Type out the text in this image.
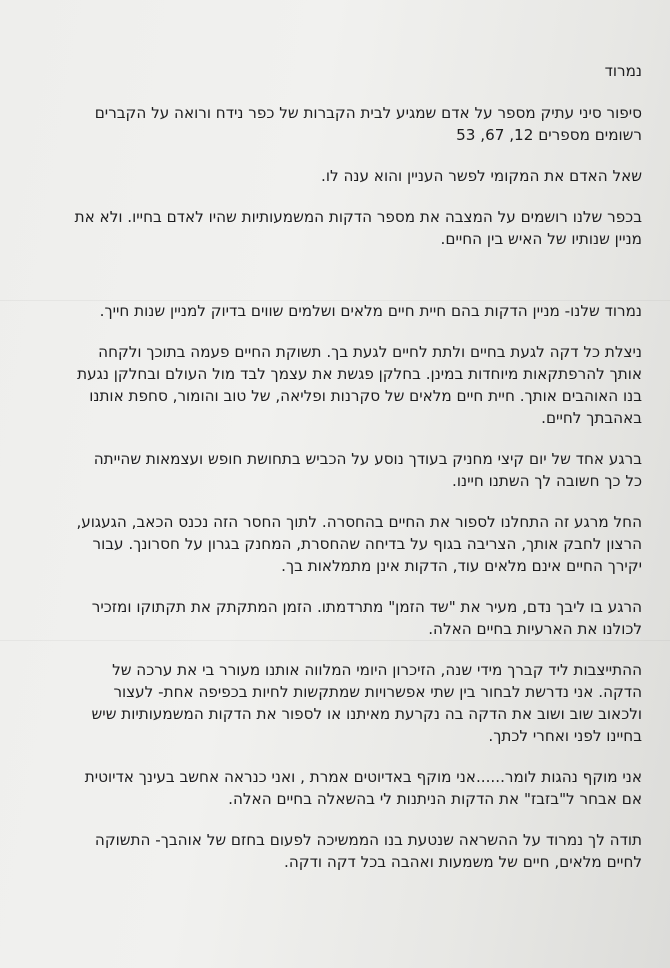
נמרוד
סיפור סיני עתיק מספר על אדם שמגיע לבית הקברות של כפר נידח ורואה על הקברים
רשומים מספרים 12, 67, 53
שאל האדם את המקומי לפשר העניין והוא ענה לו.
בכפר שלנו רושמים על המצבה את מספר הדקות המשמעותיות שהיו לאדם בחייו. ולא את
מניין שנותיו של האיש בין החיים.
נמרוד שלנו- מניין הדקות בהם חיית חיים מלאים ושלמים שווים בדיוק למניין שנות חייך.
ניצלת כל דקה לגעת בחיים ולתת לחיים לגעת בך. תשוקת החיים פעמה בתוכך ולקחה
אותך להרפתקאות מיוחדות במינן. בחלקן פגשת את עצמך לבד מול העולם ובחלקן נגעת
בנו האוהבים אותך. חיית חיים מלאים של סקרנות ופליאה, של טוב והומור, סחפת אותנו
באהבתך לחיים.
ברגע אחד של יום קיצי מחניק בעודך נוסע על הכביש בתחושת חופש ועצמאות שהייתה
כל כך חשובה לך השתנו חיינו.
החל מרגע זה התחלנו לספור את החיים בהחסרה. לתוך החסר הזה נכנס הכאב, הגעגוע,
הרצון לחבק אותך, הצריבה בגוף על בדיחה שהחסרת, המחנק בגרון על חסרונך. עבור
יקירך החיים אינם מלאים עוד, הדקות אינן מתמלאות בך.
הרגע בו ליבך נדם, מעיר את "שד הזמן" מתרדמתו. הזמן המתקתק את תקתוקו ומזכיר
לכולנו את הארעיות בחיים האלה.
ההתייצבות ליד קברך מידי שנה, הזיכרון היומי המלווה אותנו מעורר בי את ערכה של
הדקה. אני נדרשת לבחור בין שתי אפשרויות שמתקשות לחיות בכפיפה אחת- לעצור
ולכאוב שוב ושוב את הדקה בה נקרעת מאיתנו או לספור את הדקות המשמעותיות שיש
בחיינו לפני ואחרי לכתך.
אני מוקף נהגות לומר......אני מוקף באדיוטים אמרת , ואני כנראה אחשב בעינך אדיוטית
אם אבחר ל"בזבז" את הדקות הניתנות לי בהשאלה בחיים האלה.
תודה לך נמרוד על ההשראה שנטעת בנו הממשיכה לפעום בחזם של אוהבך- התשוקה
לחיים מלאים, חיים של משמעות ואהבה בכל דקה ודקה.
